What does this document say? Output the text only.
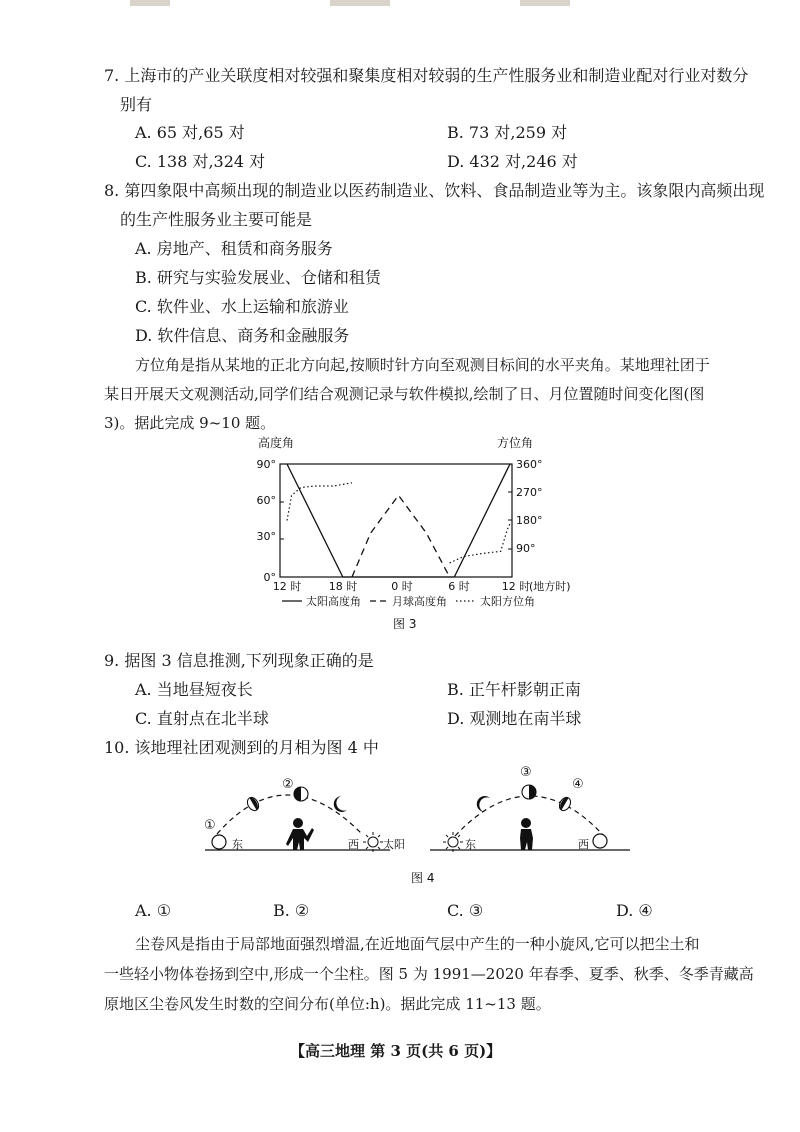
7. 上海市的产业关联度相对较强和聚集度相对较弱的生产性服务业和制造业配对行业对数分
别有
A. 65 对,65 对	B. 73 对,259 对
C. 138 对,324 对	D. 432 对,246 对
8. 第四象限中高频出现的制造业以医药制造业、饮料、食品制造业等为主。该象限内高频出现
的生产性服务业主要可能是
A. 房地产、租赁和商务服务
B. 研究与实验发展业、仓储和租赁
C. 软件业、水上运输和旅游业
D. 软件信息、商务和金融服务
方位角是指从某地的正北方向起,按顺时针方向至观测目标间的水平夹角。某地理社团于
某日开展天文观测活动,同学们结合观测记录与软件模拟,绘制了日、月位置随时间变化图(图
3)。据此完成 9~10 题。
高度角	方位角
90°
60°
30°
0°
360°
270°
180°
90°
12 时	18 时	0 时	6 时	12 时
(地方时)
太阳高度角	月球高度角	太阳方位角
图 3
9. 据图 3 信息推测,下列现象正确的是
A. 当地昼短夜长	B. 正午杆影朝正南
C. 直射点在北半球	D. 观测地在南半球
10. 该地理社团观测到的月相为图 4 中
①
东
②
西 太阳	东
③
④
西
图 4
A. ①	B. ②	C. ③	D. ④
尘卷风是指由于局部地面强烈增温,在近地面气层中产生的一种小旋风,它可以把尘土和
一些轻小物体卷扬到空中,形成一个尘柱。图 5 为 1991—2020 年春季、夏季、秋季、冬季青藏高
原地区尘卷风发生时数的空间分布(单位:h)。据此完成 11~13 题。
【高三地理 第 3 页(共 6 页)】
